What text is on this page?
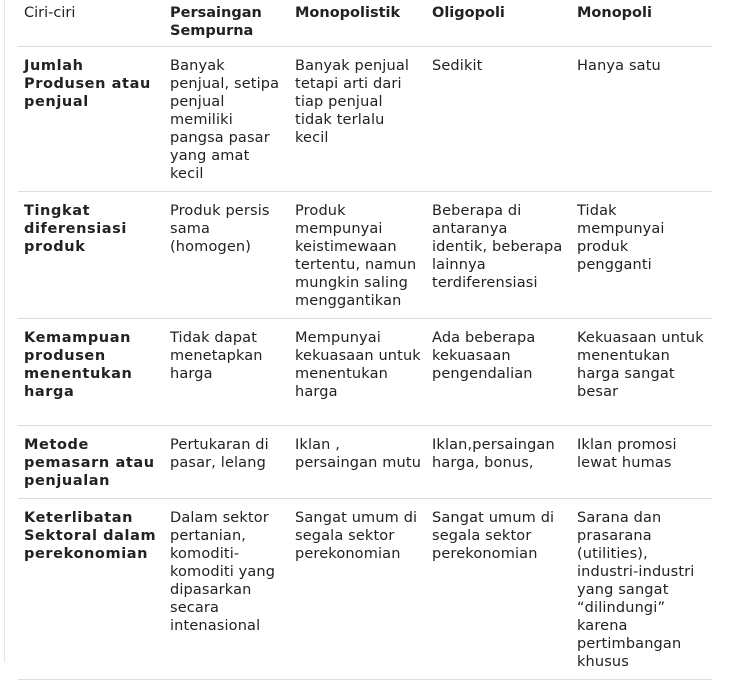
Ciri-ciri	Persaingan Sempurna	Monopolistik	Oligopoli	Monopoli
Jumlah Produsen atau penjual	Banyak penjual, setipa penjual memiliki pangsa pasar yang amat kecil	Banyak penjual tetapi arti dari tiap penjual tidak terlalu kecil	Sedikit	Hanya satu
Tingkat diferensiasi produk	Produk persis sama (homogen)	Produk mempunyai keistimewaan tertentu, namun mungkin saling menggantikan	Beberapa di antaranya identik, beberapa lainnya terdiferensiasi	Tidak mempunyai produk pengganti
Kemampuan produsen menentukan harga	Tidak dapat menetapkan harga	Mempunyai kekuasaan untuk menentukan harga	Ada beberapa kekuasaan pengendalian	Kekuasaan untuk menentukan harga sangat besar
Metode pemasarn atau penjualan	Pertukaran di pasar, lelang	Iklan , persaingan mutu	Iklan,persaingan harga, bonus,	Iklan promosi lewat humas
Keterlibatan Sektoral dalam perekonomian	Dalam sektor pertanian, komoditi-komoditi yang dipasarkan secara intenasional	Sangat umum di segala sektor perekonomian	Sangat umum di segala sektor perekonomian	Sarana dan prasarana (utilities), industri-industri yang sangat “dilindungi” karena pertimbangan khusus
